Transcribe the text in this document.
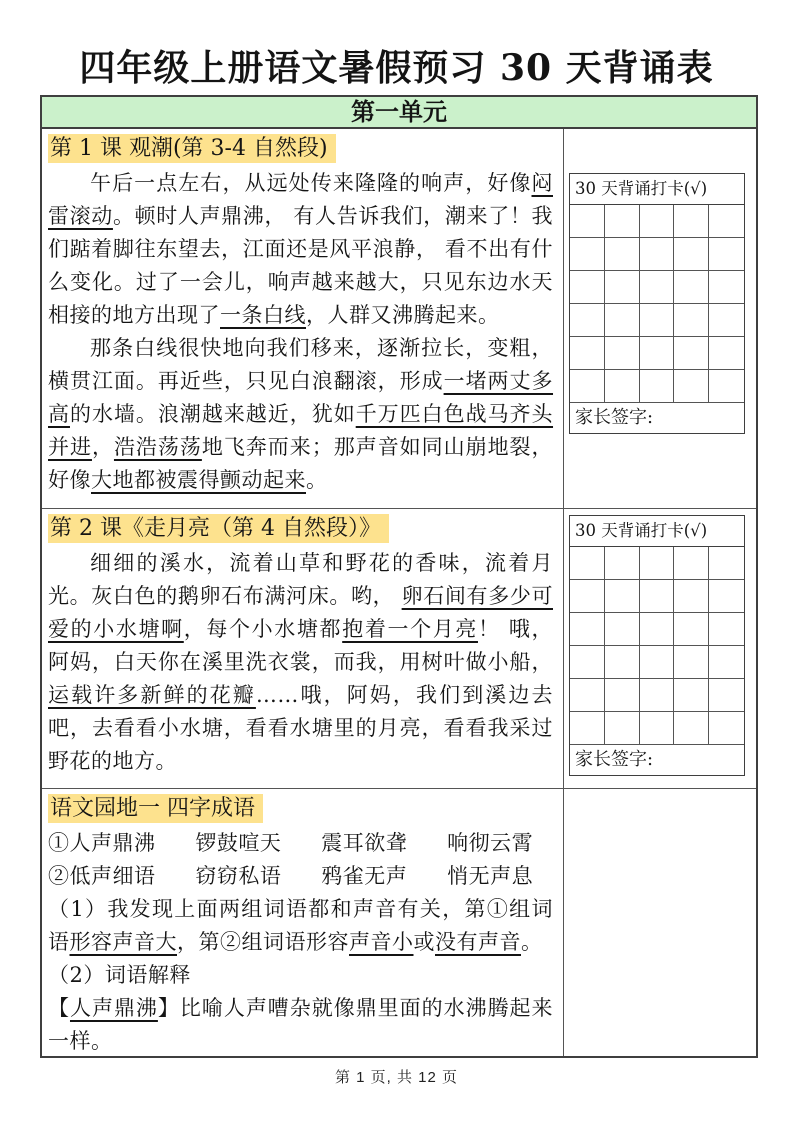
四年级上册语文暑假预习 30 天背诵表
第一单元
第 1 课 观潮(第 3-4 自然段)

午后一点左右，从远处传来隆隆的响声，好像闷雷滚动。顿时人声鼎沸， 有人告诉我们，潮来了！我们踮着脚往东望去，江面还是风平浪静， 看不出有什么变化。过了一会儿，响声越来越大，只见东边水天相接的地方出现了一条白线，人群又沸腾起来。

那条白线很快地向我们移来，逐渐拉长，变粗，横贯江面。再近些，只见白浪翻滚，形成一堵两丈多高的水墙。浪潮越来越近，犹如千万匹白色战马齐头并进，浩浩荡荡地飞奔而来；那声音如同山崩地裂，好像大地都被震得颤动起来。

30 天背诵打卡(√)
家长签字:
第 2 课《走月亮（第 4 自然段）》

细细的溪水，流着山草和野花的香味，流着月光。灰白色的鹅卵石布满河床。哟， 卵石间有多少可爱的小水塘啊，每个小水塘都抱着一个月亮！ 哦， 阿妈，白天你在溪里洗衣裳，而我，用树叶做小船，运载许多新鲜的花瓣……哦，阿妈，我们到溪边去吧，去看看小水塘，看看水塘里的月亮，看看我采过野花的地方。

30 天背诵打卡(√)
家长签字:
语文园地一 四字成语

①人声鼎沸 锣鼓喧天 震耳欲聋 响彻云霄

②低声细语 窃窃私语 鸦雀无声 悄无声息

（1）我发现上面两组词语都和声音有关，第①组词语形容声音大，第②组词语形容声音小或没有声音。

（2）词语解释

【人声鼎沸】比喻人声嘈杂就像鼎里面的水沸腾起来一样。

第 1 页, 共 12 页
